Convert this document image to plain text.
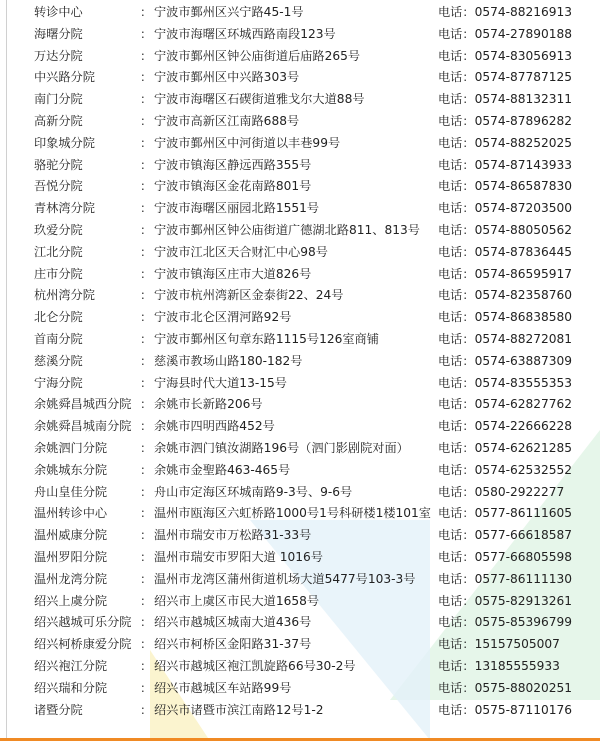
转诊中心	： 宁波市鄞州区兴宁路45-1号	电话：0574-88216913
海曙分院	： 宁波市海曙区环城西路南段123号	电话：0574-27890188
万达分院	： 宁波市鄞州区钟公庙街道后庙路265号	电话：0574-83056913
中兴路分院	： 宁波市鄞州区中兴路303号	电话：0574-87787125
南门分院	： 宁波市海曙区石碶街道雅戈尔大道88号	电话：0574-88132311
高新分院	： 宁波市高新区江南路688号	电话：0574-87896282
印象城分院	： 宁波市鄞州区中河街道以丰巷99号	电话：0574-88252025
骆驼分院	： 宁波市镇海区静远西路355号	电话：0574-87143933
吾悦分院	： 宁波市镇海区金花南路801号	电话：0574-86587830
青林湾分院	： 宁波市海曙区丽园北路1551号	电话：0574-87203500
玖爱分院	： 宁波市鄞州区钟公庙街道广德湖北路811、813号 电话：0574-88050562
江北分院	： 宁波市江北区天合财汇中心98号	电话：0574-87836445
庄市分院	： 宁波市镇海区庄市大道826号	电话：0574-86595917
杭州湾分院	： 宁波市杭州湾新区金泰街22、24号	电话：0574-82358760
北仑分院	： 宁波市北仑区渭河路92号	电话：0574-86838580
首南分院	： 宁波市鄞州区句章东路1115号126室商铺	电话：0574-88272081
慈溪分院	： 慈溪市教场山路180-182号	电话：0574-63887309
宁海分院	： 宁海县时代大道13-15号	电话：0574-83555353
余姚舜昌城西分院 ： 余姚市长新路206号	电话：0574-62827762
余姚舜昌城南分院 ： 余姚市四明西路452号	电话：0574-22666228
余姚泗门分院	： 余姚市泗门镇汝湖路196号（泗门影剧院对面） 电话：0574-62621285
余姚城东分院	： 余姚市金聖路463-465号	电话：0574-62532552
舟山皇佳分院	： 舟山市定海区环城南路9-3号、9-6号	电话：0580-2922277
温州转诊中心	： 温州市瓯海区六虹桥路1000号1号科研楼1楼101室 电话：0577-86111605
温州威康分院	： 温州市瑞安市万松路31-33号	电话：0577-66618587
温州罗阳分院	： 温州市瑞安市罗阳大道 1016号	电话：0577-66805598
温州龙湾分院	： 温州市龙湾区蒲州街道机场大道5477号103-3号 电话：0577-86111130
绍兴上虞分院	： 绍兴市上虞区市民大道1658号	电话：0575-82913261
绍兴越城可乐分院 ： 绍兴市越城区城南大道436号	电话：0575-85396799
绍兴柯桥康爱分院 ： 绍兴市柯桥区金阳路31-37号	电话：15157505007
绍兴袍江分院	： 绍兴市越城区袍江凯旋路66号30-2号	电话：13185555933
绍兴瑞和分院	： 绍兴市越城区车站路99号	电话：0575-88020251
诸暨分院	： 绍兴市诸暨市滨江南路12号1-2	电话：0575-87110176
